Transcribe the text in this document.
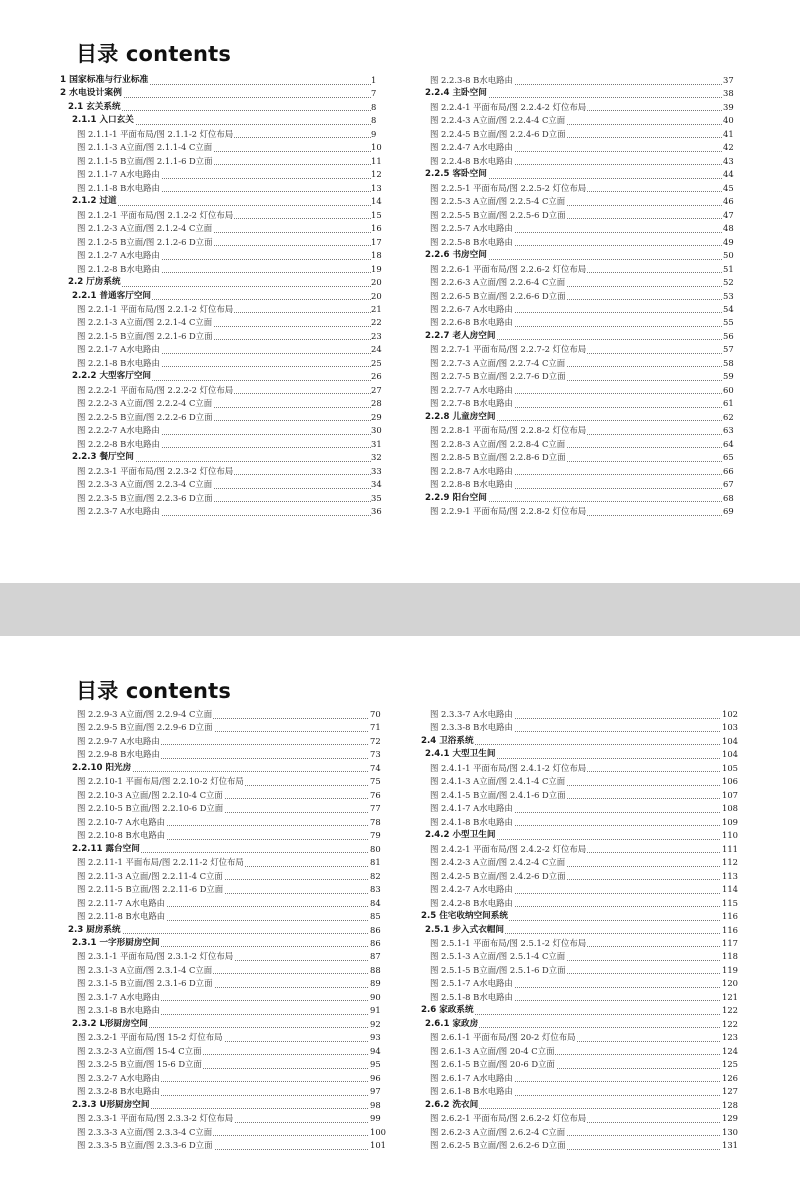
目录 contents
1 国家标准与行业标准	1
2 水电设计案例	7
2.1 玄关系统	8
2.1.1 入口玄关	8
图 2.1.1-1 平面布局/图 2.1.1-2 灯位布局	9
图 2.1.1-3 A立面/图 2.1.1-4 C立面	10
图 2.1.1-5 B立面/图 2.1.1-6 D立面	11
图 2.1.1-7 A水电路由	12
图 2.1.1-8 B水电路由	13
2.1.2 过道	14
图 2.1.2-1 平面布局/图 2.1.2-2 灯位布局	15
图 2.1.2-3 A立面/图 2.1.2-4 C立面	16
图 2.1.2-5 B立面/图 2.1.2-6 D立面	17
图 2.1.2-7 A水电路由	18
图 2.1.2-8 B水电路由	19
2.2 厅房系统	20
2.2.1 普通客厅空间	20
图 2.2.1-1 平面布局/图 2.2.1-2 灯位布局	21
图 2.2.1-3 A立面/图 2.2.1-4 C立面	22
图 2.2.1-5 B立面/图 2.2.1-6 D立面	23
图 2.2.1-7 A水电路由	24
图 2.2.1-8 B水电路由	25
2.2.2 大型客厅空间	26
图 2.2.2-1 平面布局/图 2.2.2-2 灯位布局	27
图 2.2.2-3 A立面/图 2.2.2-4 C立面	28
图 2.2.2-5 B立面/图 2.2.2-6 D立面	29
图 2.2.2-7 A水电路由	30
图 2.2.2-8 B水电路由	31
2.2.3 餐厅空间	32
图 2.2.3-1 平面布局/图 2.2.3-2 灯位布局	33
图 2.2.3-3 A立面/图 2.2.3-4 C立面	34
图 2.2.3-5 B立面/图 2.2.3-6 D立面	35
图 2.2.3-7 A水电路由	36
图 2.2.3-8 B水电路由	37
2.2.4 主卧空间	38
图 2.2.4-1 平面布局/图 2.2.4-2 灯位布局	39
图 2.2.4-3 A立面/图 2.2.4-4 C立面	40
图 2.2.4-5 B立面/图 2.2.4-6 D立面	41
图 2.2.4-7 A水电路由	42
图 2.2.4-8 B水电路由	43
2.2.5 客卧空间	44
图 2.2.5-1 平面布局/图 2.2.5-2 灯位布局	45
图 2.2.5-3 A立面/图 2.2.5-4 C立面	46
图 2.2.5-5 B立面/图 2.2.5-6 D立面	47
图 2.2.5-7 A水电路由	48
图 2.2.5-8 B水电路由	49
2.2.6 书房空间	50
图 2.2.6-1 平面布局/图 2.2.6-2 灯位布局	51
图 2.2.6-3 A立面/图 2.2.6-4 C立面	52
图 2.2.6-5 B立面/图 2.2.6-6 D立面	53
图 2.2.6-7 A水电路由	54
图 2.2.6-8 B水电路由	55
2.2.7 老人房空间	56
图 2.2.7-1 平面布局/图 2.2.7-2 灯位布局	57
图 2.2.7-3 A立面/图 2.2.7-4 C立面	58
图 2.2.7-5 B立面/图 2.2.7-6 D立面	59
图 2.2.7-7 A水电路由	60
图 2.2.7-8 B水电路由	61
2.2.8 儿童房空间	62
图 2.2.8-1 平面布局/图 2.2.8-2 灯位布局	63
图 2.2.8-3 A立面/图 2.2.8-4 C立面	64
图 2.2.8-5 B立面/图 2.2.8-6 D立面	65
图 2.2.8-7 A水电路由	66
图 2.2.8-8 B水电路由	67
2.2.9 阳台空间	68
图 2.2.9-1 平面布局/图 2.2.8-2 灯位布局	69
目录 contents
图 2.2.9-3 A立面/图 2.2.9-4 C立面	70
图 2.2.9-5 B立面/图 2.2.9-6 D立面	71
图 2.2.9-7 A水电路由	72
图 2.2.9-8 B水电路由	73
2.2.10 阳光房	74
图 2.2.10-1 平面布局/图 2.2.10-2 灯位布局	75
图 2.2.10-3 A立面/图 2.2.10-4 C立面	76
图 2.2.10-5 B立面/图 2.2.10-6 D立面	77
图 2.2.10-7 A水电路由	78
图 2.2.10-8 B水电路由	79
2.2.11 露台空间	80
图 2.2.11-1 平面布局/图 2.2.11-2 灯位布局	81
图 2.2.11-3 A立面/图 2.2.11-4 C立面	82
图 2.2.11-5 B立面/图 2.2.11-6 D立面	83
图 2.2.11-7 A水电路由	84
图 2.2.11-8 B水电路由	85
2.3 厨房系统	86
2.3.1 一字形厨房空间	86
图 2.3.1-1 平面布局/图 2.3.1-2 灯位布局	87
图 2.3.1-3 A立面/图 2.3.1-4 C立面	88
图 2.3.1-5 B立面/图 2.3.1-6 D立面	89
图 2.3.1-7 A水电路由	90
图 2.3.1-8 B水电路由	91
2.3.2 L形厨房空间	92
图 2.3.2-1 平面布局/图 15-2 灯位布局	93
图 2.3.2-3 A立面/图 15-4 C立面	94
图 2.3.2-5 B立面/图 15-6 D立面	95
图 2.3.2-7 A水电路由	96
图 2.3.2-8 B水电路由	97
2.3.3 U形厨房空间	98
图 2.3.3-1 平面布局/图 2.3.3-2 灯位布局	99
图 2.3.3-3 A立面/图 2.3.3-4 C立面	100
图 2.3.3-5 B立面/图 2.3.3-6 D立面	101
图 2.3.3-7 A水电路由	102
图 2.3.3-8 B水电路由	103
2.4 卫浴系统	104
2.4.1 大型卫生间	104
图 2.4.1-1 平面布局/图 2.4.1-2 灯位布局	105
图 2.4.1-3 A立面/图 2.4.1-4 C立面	106
图 2.4.1-5 B立面/图 2.4.1-6 D立面	107
图 2.4.1-7 A水电路由	108
图 2.4.1-8 B水电路由	109
2.4.2 小型卫生间	110
图 2.4.2-1 平面布局/图 2.4.2-2 灯位布局	111
图 2.4.2-3 A立面/图 2.4.2-4 C立面	112
图 2.4.2-5 B立面/图 2.4.2-6 D立面	113
图 2.4.2-7 A水电路由	114
图 2.4.2-8 B水电路由	115
2.5 住宅收纳空间系统	116
2.5.1 步入式衣帽间	116
图 2.5.1-1 平面布局/图 2.5.1-2 灯位布局	117
图 2.5.1-3 A立面/图 2.5.1-4 C立面	118
图 2.5.1-5 B立面/图 2.5.1-6 D立面	119
图 2.5.1-7 A水电路由	120
图 2.5.1-8 B水电路由	121
2.6 家政系统	122
2.6.1 家政房	122
图 2.6.1-1 平面布局/图 20-2 灯位布局	123
图 2.6.1-3 A立面/图 20-4 C立面	124
图 2.6.1-5 B立面/图 20-6 D立面	125
图 2.6.1-7 A水电路由	126
图 2.6.1-8 B水电路由	127
2.6.2 洗衣间	128
图 2.6.2-1 平面布局/图 2.6.2-2 灯位布局	129
图 2.6.2-3 A立面/图 2.6.2-4 C立面	130
图 2.6.2-5 B立面/图 2.6.2-6 D立面	131
